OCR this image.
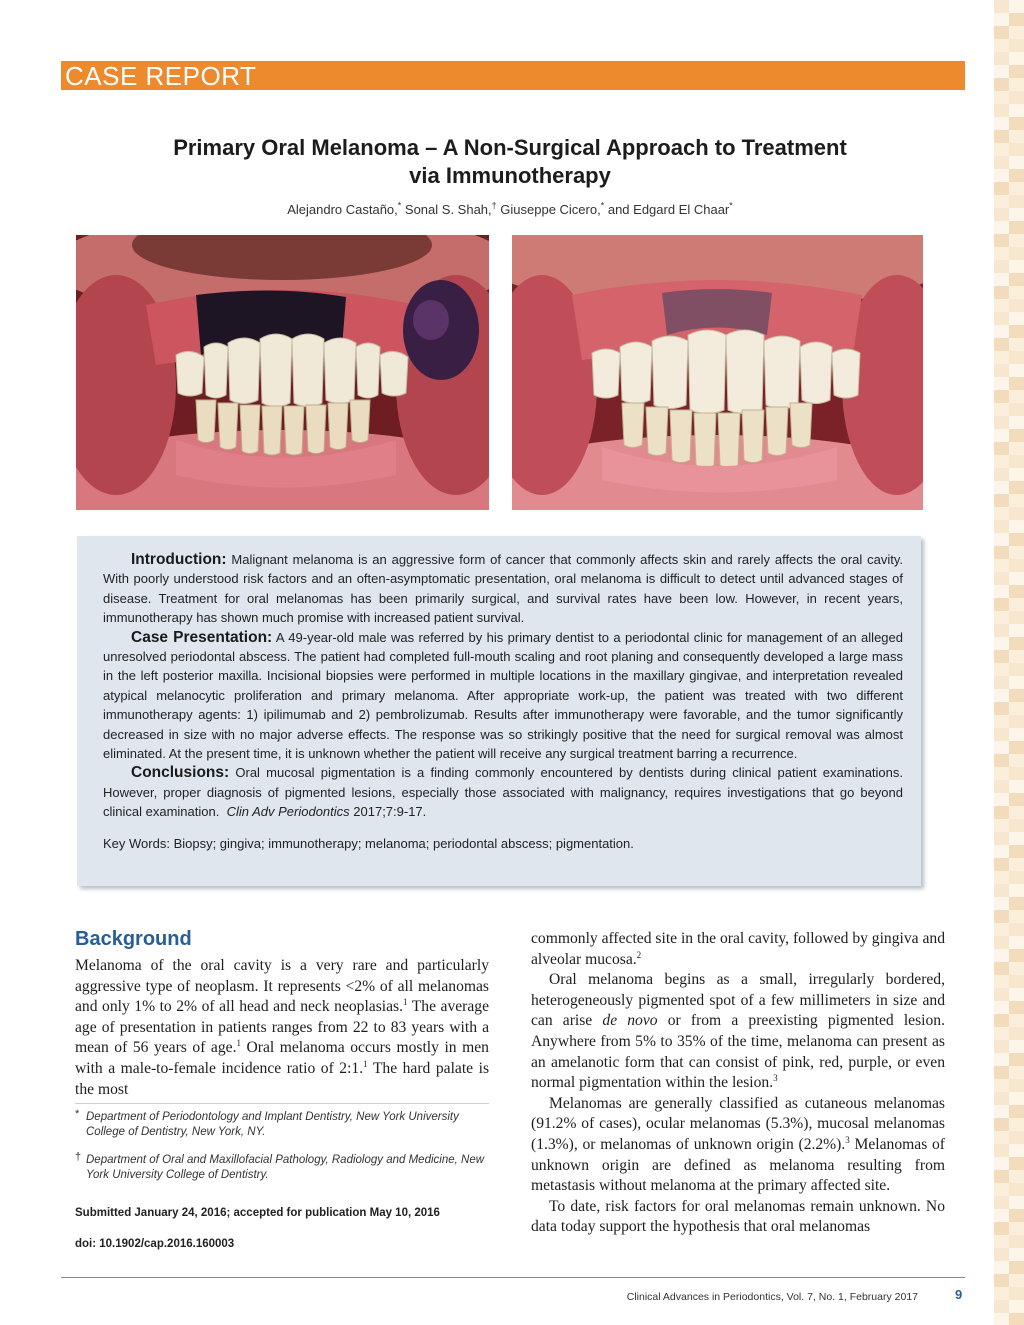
CASE REPORT
Primary Oral Melanoma – A Non-Surgical Approach to Treatment
via Immunotherapy
Alejandro Castaño,* Sonal S. Shah,† Giuseppe Cicero,* and Edgard El Chaar*

Introduction: Malignant melanoma is an aggressive form of cancer that commonly affects skin and rarely affects the oral cavity. With poorly understood risk factors and an often-asymptomatic presentation, oral melanoma is difficult to detect until advanced stages of disease. Treatment for oral melanomas has been primarily surgical, and survival rates have been low. However, in recent years, immunotherapy has shown much promise with increased patient survival.

Case Presentation: A 49-year-old male was referred by his primary dentist to a periodontal clinic for management of an alleged unresolved periodontal abscess. The patient had completed full-mouth scaling and root planing and consequently developed a large mass in the left posterior maxilla. Incisional biopsies were performed in multiple locations in the maxillary gingivae, and interpretation revealed atypical melanocytic proliferation and primary melanoma. After appropriate work-up, the patient was treated with two different immunotherapy agents: 1) ipilimumab and 2) pembrolizumab. Results after immunotherapy were favorable, and the tumor significantly decreased in size with no major adverse effects. The response was so strikingly positive that the need for surgical removal was almost eliminated. At the present time, it is unknown whether the patient will receive any surgical treatment barring a recurrence.

Conclusions: Oral mucosal pigmentation is a finding commonly encountered by dentists during clinical patient examinations. However, proper diagnosis of pigmented lesions, especially those associated with malignancy, requires investigations that go beyond clinical examination. Clin Adv Periodontics 2017;7:9-17.

Key Words: Biopsy; gingiva; immunotherapy; melanoma; periodontal abscess; pigmentation.

Background

Melanoma of the oral cavity is a very rare and particularly aggressive type of neoplasm. It represents <2% of all melanomas and only 1% to 2% of all head and neck neoplasias.$^1$ The average age of presentation in patients ranges from 22 to 83 years with a mean of 56 years of age.$^1$ Oral melanoma occurs mostly in men with a male-to-female incidence ratio of 2:1.$^1$ The hard palate is the most

* Department of Periodontology and Implant Dentistry, New York University College of Dentistry, New York, NY.
† Department of Oral and Maxillofacial Pathology, Radiology and Medicine, New York University College of Dentistry.
Submitted January 24, 2016; accepted for publication May 10, 2016
doi: 10.1902/cap.2016.160003

commonly affected site in the oral cavity, followed by gingiva and alveolar mucosa.$^2$

Oral melanoma begins as a small, irregularly bordered, heterogeneously pigmented spot of a few millimeters in size and can arise de novo or from a preexisting pigmented lesion. Anywhere from 5% to 35% of the time, melanoma can present as an amelanotic form that can consist of pink, red, purple, or even normal pigmentation within the lesion.$^3$

Melanomas are generally classified as cutaneous melanomas (91.2% of cases), ocular melanomas (5.3%), mucosal melanomas (1.3%), or melanomas of unknown origin (2.2%).$^3$ Melanomas of unknown origin are defined as melanoma resulting from metastasis without melanoma at the primary affected site.

To date, risk factors for oral melanomas remain unknown. No data today support the hypothesis that oral melanomas

Clinical Advances in Periodontics, Vol. 7, No. 1, February 2017	9
